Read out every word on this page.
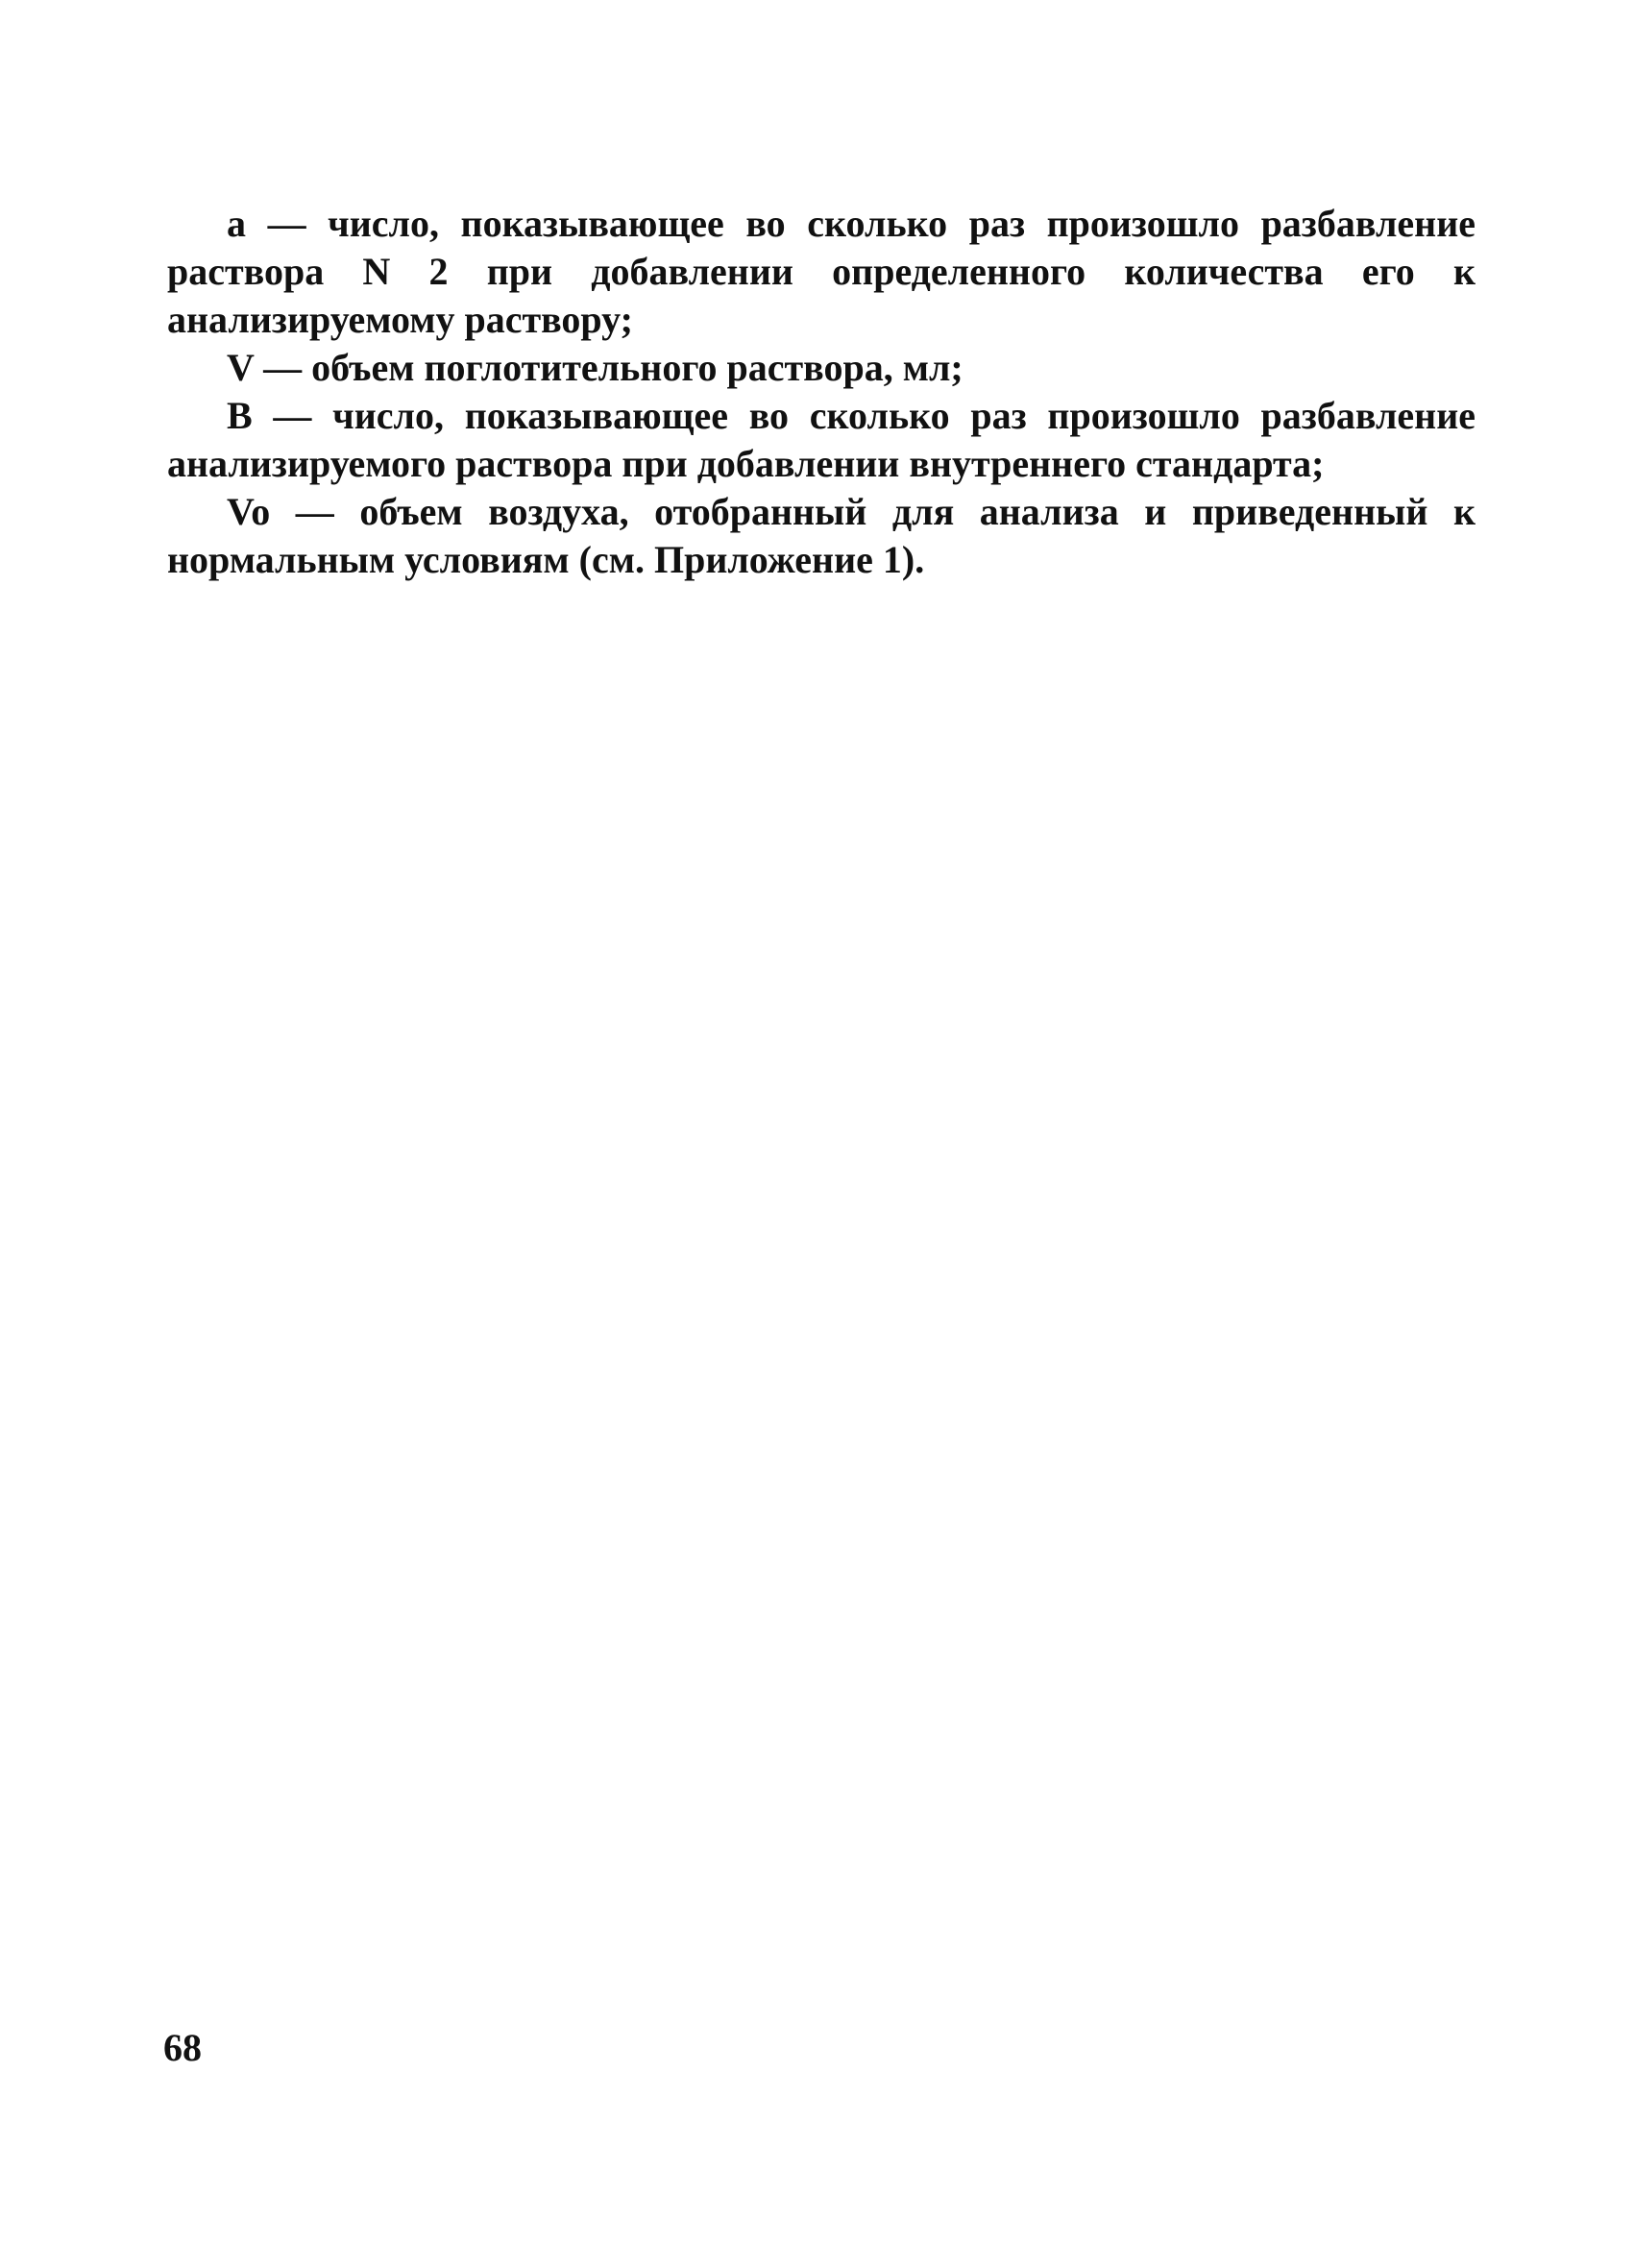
a — число, показывающее во сколько раз произошло разбавление раствора N 2 при добавлении определенного количества его к анализируемому раствору;

V — объем поглотительного раствора, мл;

B — число, показывающее во сколько раз произошло разбавление анализируемого раствора при добавлении внутреннего стандарта;

Vo — объем воздуха, отобранный для анализа и приведенный к нормальным условиям (см. Приложение 1).

68
